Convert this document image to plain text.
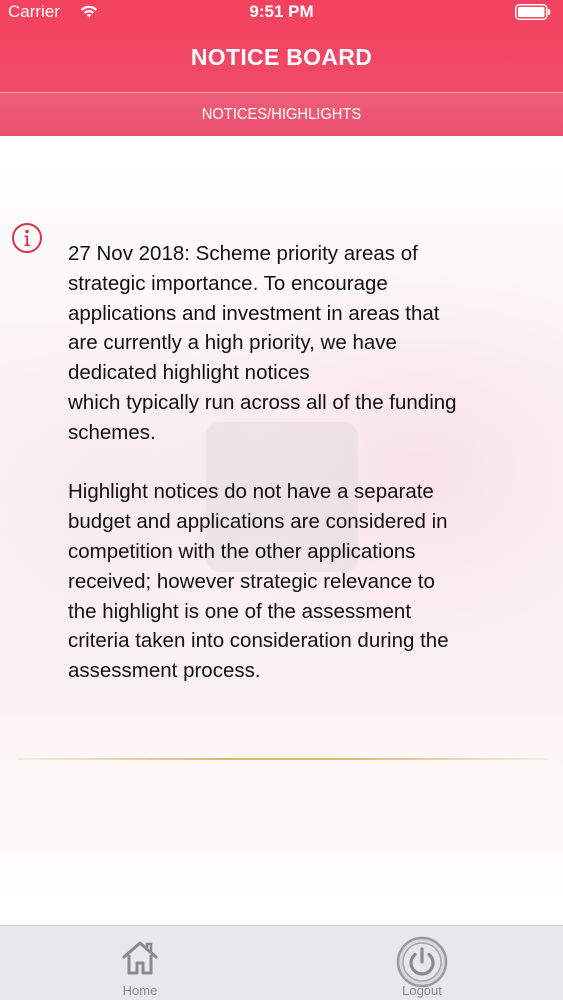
Carrier	9:51 PM
NOTICE BOARD
NOTICES/HIGHLIGHTS

27 Nov 2018: Scheme priority areas of
strategic importance. To encourage
applications and investment in areas that
are currently a high priority, we have
dedicated highlight notices
which typically run across all of the funding
schemes.

Highlight notices do not have a separate
budget and applications are considered in
competition with the other applications
received; however strategic relevance to
the highlight is one of the assessment
criteria taken into consideration during the
assessment process.

Home	Logout
